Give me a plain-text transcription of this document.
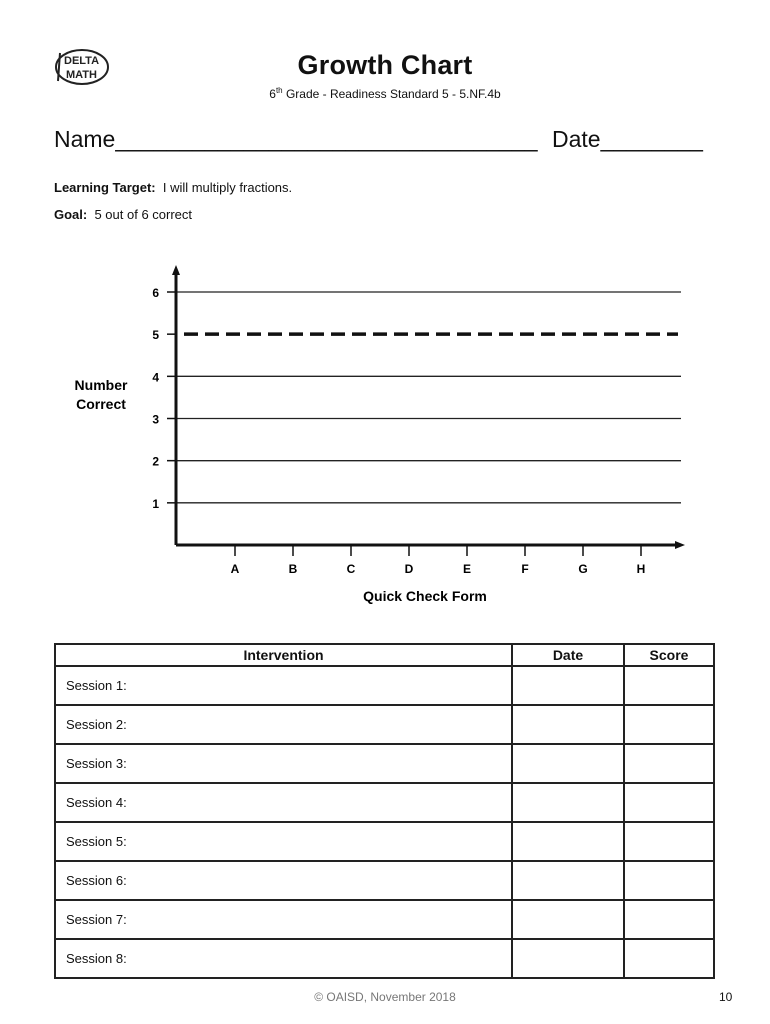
DELTA
MATH	Growth Chart
6th Grade - Readiness Standard 5 - 5.NF.4b
Name_________________________________ Date________
Learning Target: I will multiply fractions.
Goal: 5 out of 6 correct
1
2
3
4
5
6
A	B	C	D	E	F	G	H
Number
Correct
Quick Check Form
Intervention	Date	Score
Session 1:		
Session 2:		
Session 3:		
Session 4:		
Session 5:		
Session 6:		
Session 7:		
Session 8:		
© OAISD, November 2018	10
